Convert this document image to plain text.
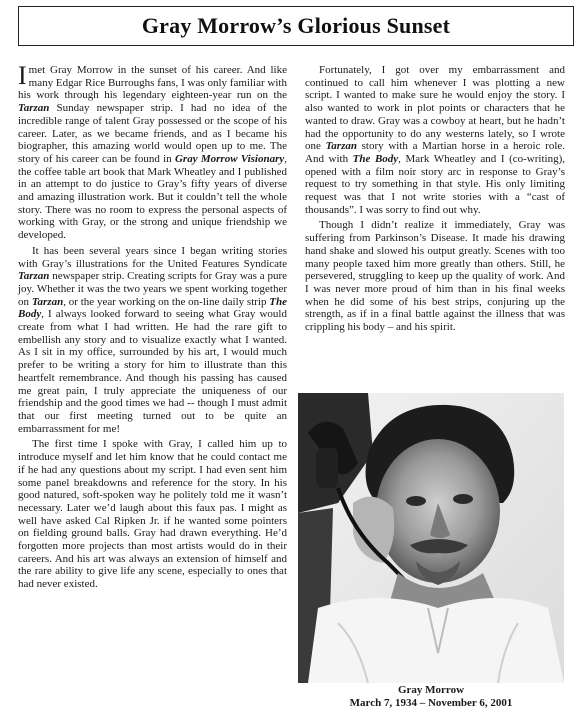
Gray Morrow’s Glorious Sunset

Imet Gray Morrow in the sunset of his career. And like many Edgar Rice Burroughs fans, I was only familiar with his work through his legendary eighteen-year run on the Tarzan Sunday newspaper strip. I had no idea of the incredible range of talent Gray possessed or the scope of his career. Later, as we became friends, and as I became his biographer, this amazing world would open up to me. The story of his career can be found in Gray Morrow Visionary, the coffee table art book that Mark Wheatley and I published in an attempt to do justice to Gray’s fifty years of diverse and amazing illustration work. But it couldn’t tell the whole story. There was no room to express the personal aspects of working with Gray, or the strong and unique friendship we developed.

It has been several years since I began writing stories with Gray’s illustrations for the United Features Syndicate Tarzan newspaper strip. Creating scripts for Gray was a pure joy. Whether it was the two years we spent working together on Tarzan, or the year working on the on-line daily strip The Body, I always looked forward to seeing what Gray would create from what I had written. He had the rare gift to embellish any story and to visualize exactly what I wanted. As I sit in my office, surrounded by his art, I would much prefer to be writing a story for him to illustrate than this heartfelt remembrance. And though his passing has caused me great pain, I truly appreciate the uniqueness of our friendship and the good times we had -- though I must admit that our first meeting turned out to be quite an embarrassment for me!

The first time I spoke with Gray, I called him up to introduce myself and let him know that he could contact me if he had any questions about my script. I had even sent him some panel breakdowns and reference for the story. In his good natured, soft-spoken way he politely told me it wasn’t necessary. Later we’d laugh about this faux pas. I might as well have asked Cal Ripken Jr. if he wanted some pointers on fielding ground balls. Gray had drawn everything. He’d forgotten more projects than most artists would do in their careers. And his art was always an extension of himself and the rare ability to give life any scene, especially to ones that had never existed.

Fortunately, I got over my embarrassment and continued to call him whenever I was plotting a new script. I wanted to make sure he would enjoy the story. I also wanted to work in plot points or characters that he wanted to draw. Gray was a cowboy at heart, but he hadn’t had the opportunity to do any westerns lately, so I wrote one Tarzan story with a Martian horse in a heroic role. And with The Body, Mark Wheatley and I (co-writing), opened with a film noir story arc in response to Gray’s request to try something in that style. His only limiting request was that I not write stories with a “cast of thousands”. I was sorry to find out why.

Though I didn’t realize it immediately, Gray was suffering from Parkinson’s Disease. It made his drawing hand shake and slowed his output greatly. Scenes with too many people taxed him more greatly than others. Still, he persevered, struggling to keep up the quality of work. And I was never more proud of him than in his final weeks when he did some of his best strips, conjuring up the strength, as if in a final battle against the illness that was crippling his body – and his spirit.

Gray Morrow
March 7, 1934 – November 6, 2001
